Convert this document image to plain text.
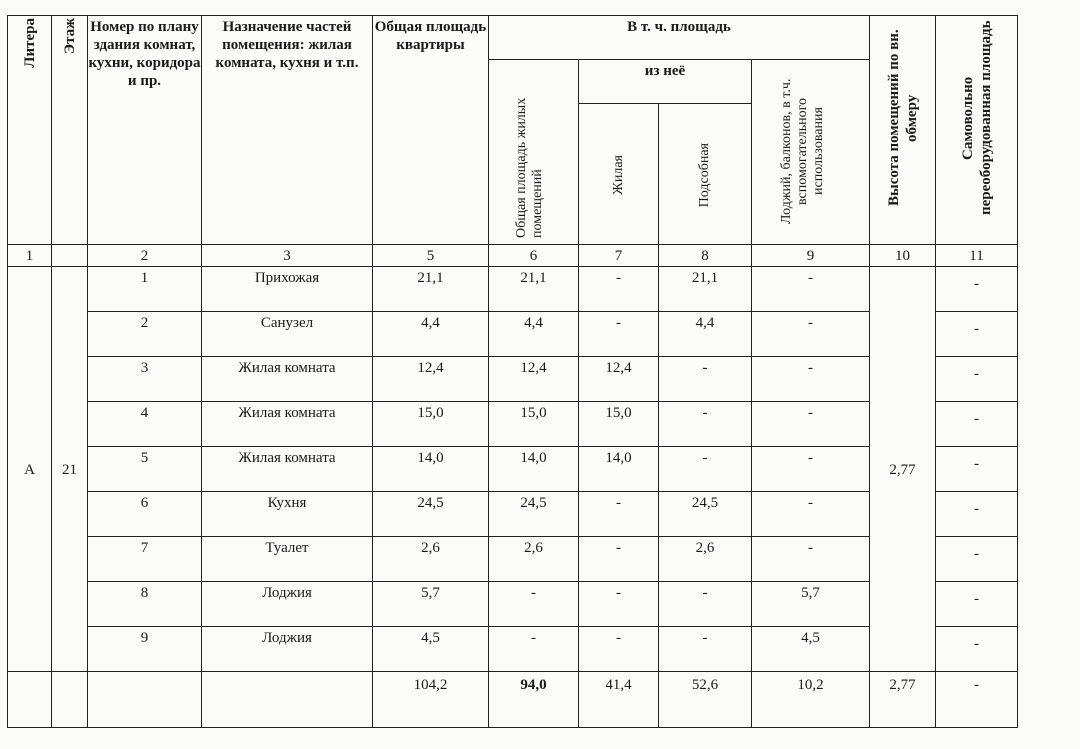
Литера	Этаж	Номер по плану здания комнат, кухни, коридора и пр.	Назначение частей помещения: жилая комната, кухня и т.п.	Общая площадь квартиры	В т. ч. площадь				Высота помещений по вн. обмеру	Самовольно переоборудованная площадь

					Общая площадь жилых помещений	из неё		Лоджий, балконов, в т.ч. вспомогательного использования		

						Жилая	Подсобная			

1		2	3	5	6	7	8	9	10	11
А	21	1	Прихожая	21,1	21,1	-	21,1	-	2,77	-
		2	Санузел	4,4	4,4	-	4,4	-		-
		3	Жилая комната	12,4	12,4	12,4	-	-		-
		4	Жилая комната	15,0	15,0	15,0	-	-		-
		5	Жилая комната	14,0	14,0	14,0	-	-		-
		6	Кухня	24,5	24,5	-	24,5	-		-
		7	Туалет	2,6	2,6	-	2,6	-		-
		8	Лоджия	5,7	-	-	-	5,7		-
		9	Лоджия	4,5	-	-	-	4,5		-
				104,2	94,0	41,4	52,6	10,2	2,77	-
